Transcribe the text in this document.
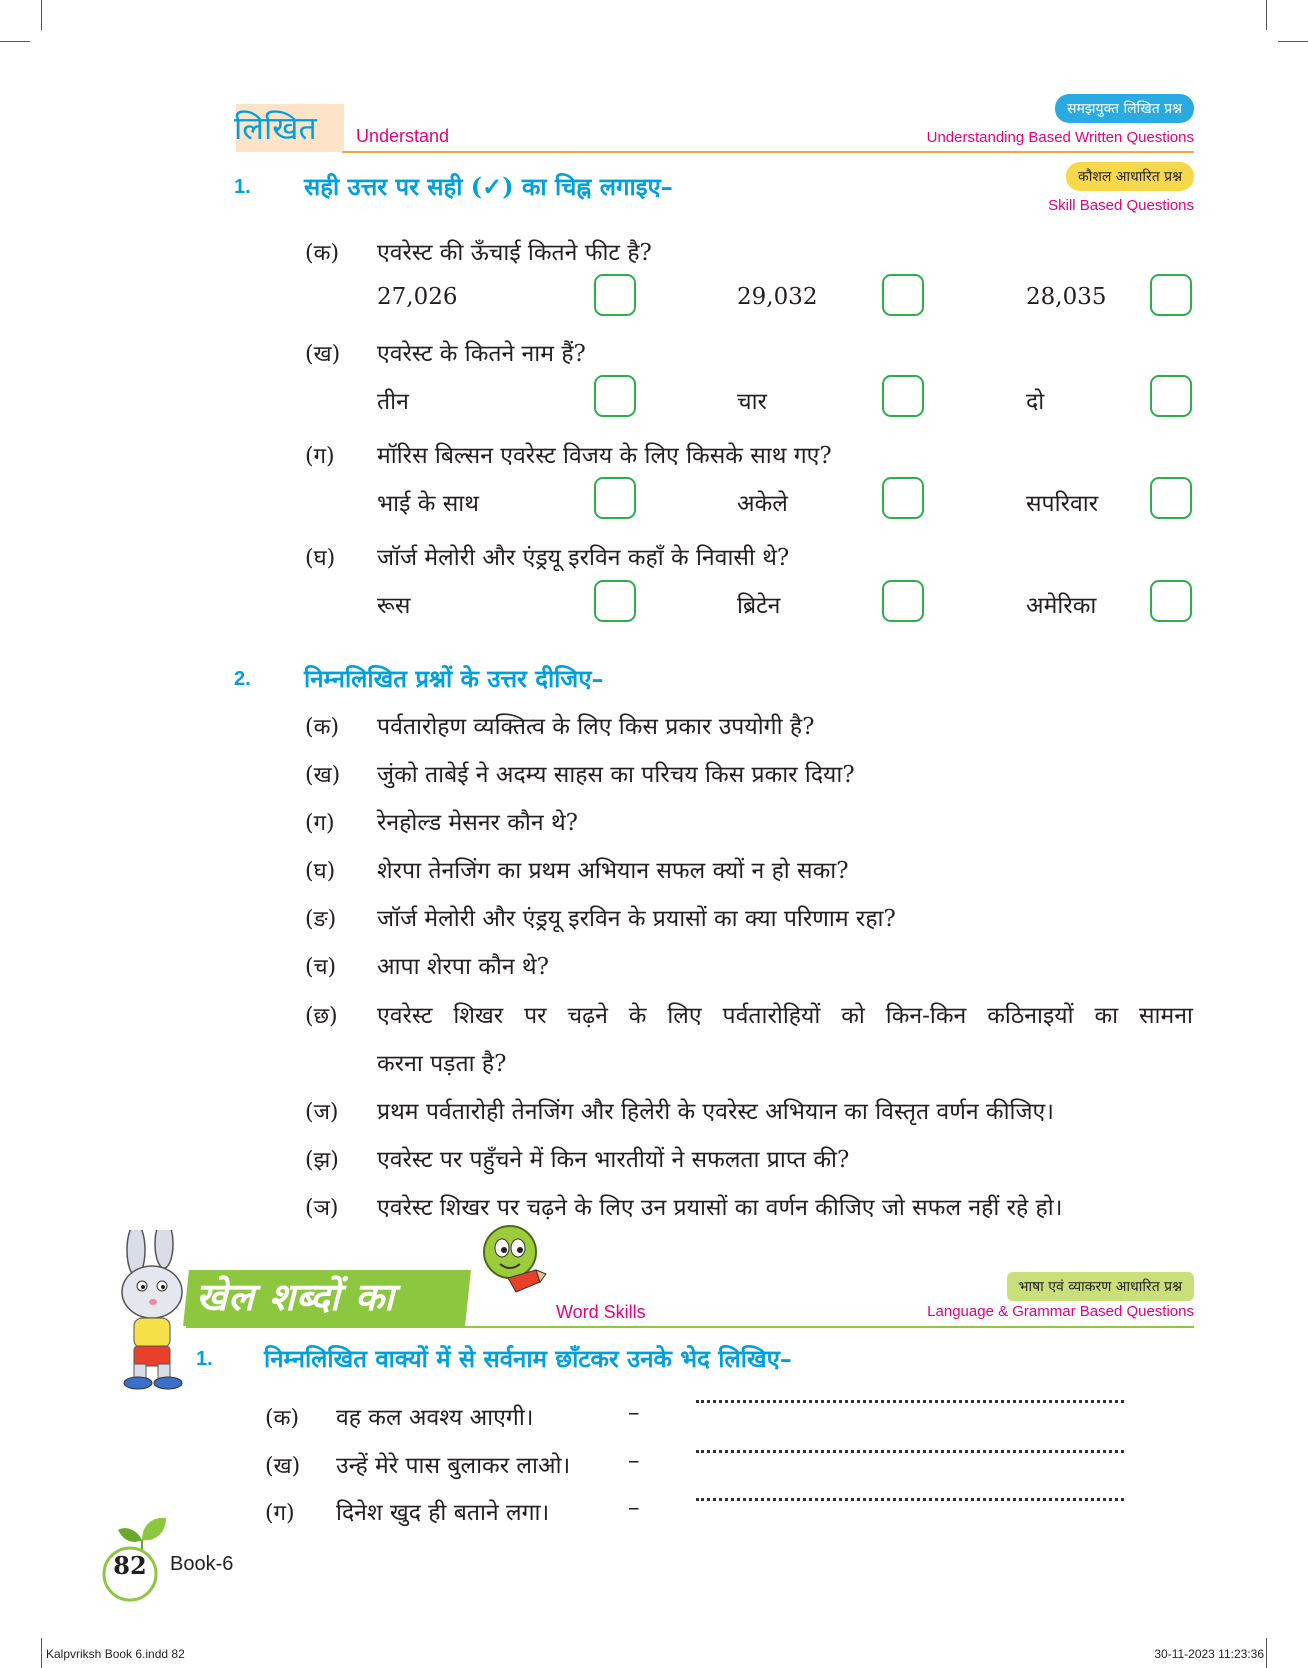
लिखित Understand
समझयुक्त लिखित प्रश्न
Understanding Based Written Questions
कौशल आधारित प्रश्न
Skill Based Questions
1. सही उत्तर पर सही (✓) का चिह्न लगाइए–
(क) एवरेस्ट की ऊँचाई कितने फीट है?
27,026	29,032	28,035
(ख) एवरेस्ट के कितने नाम हैं?
तीन	चार	दो
(ग) मॉरिस बिल्सन एवरेस्ट विजय के लिए किसके साथ गए?
भाई के साथ	अकेले	सपरिवार
(घ) जॉर्ज मेलोरी और एंड्रयू इरविन कहाँ के निवासी थे?
रूस	ब्रिटेन	अमेरिका
2. निम्नलिखित प्रश्नों के उत्तर दीजिए–
(क) पर्वतारोहण व्यक्तित्व के लिए किस प्रकार उपयोगी है?
(ख) जुंको ताबेई ने अदम्य साहस का परिचय किस प्रकार दिया?
(ग) रेनहोल्ड मेसनर कौन थे?
(घ) शेरपा तेनजिंग का प्रथम अभियान सफल क्यों न हो सका?
(ङ) जॉर्ज मेलोरी और एंड्रयू इरविन के प्रयासों का क्या परिणाम रहा?
(च) आपा शेरपा कौन थे?
(छ) एवरेस्ट शिखर पर चढ़ने के लिए पर्वतारोहियों को किन-किन कठिनाइयों का सामना
करना पड़ता है?
(ज) प्रथम पर्वतारोही तेनजिंग और हिलेरी के एवरेस्ट अभियान का विस्तृत वर्णन कीजिए।
(झ) एवरेस्ट पर पहुँचने में किन भारतीयों ने सफलता प्राप्त की?
(ञ) एवरेस्ट शिखर पर चढ़ने के लिए उन प्रयासों का वर्णन कीजिए जो सफल नहीं रहे हो।
खेल शब्दों का	Word Skills
भाषा एवं व्याकरण आधारित प्रश्न
Language & Grammar Based Questions
1. निम्नलिखित वाक्यों में से सर्वनाम छाँटकर उनके भेद लिखिए–
(क) वह कल अवश्य आएगी।	–
(ख) उन्हें मेरे पास बुलाकर लाओ।	–
(ग) दिनेश खुद ही बताने लगा।	–
82 Book-6
Kalpvriksh Book 6.indd 82	30-11-2023 11:23:36
